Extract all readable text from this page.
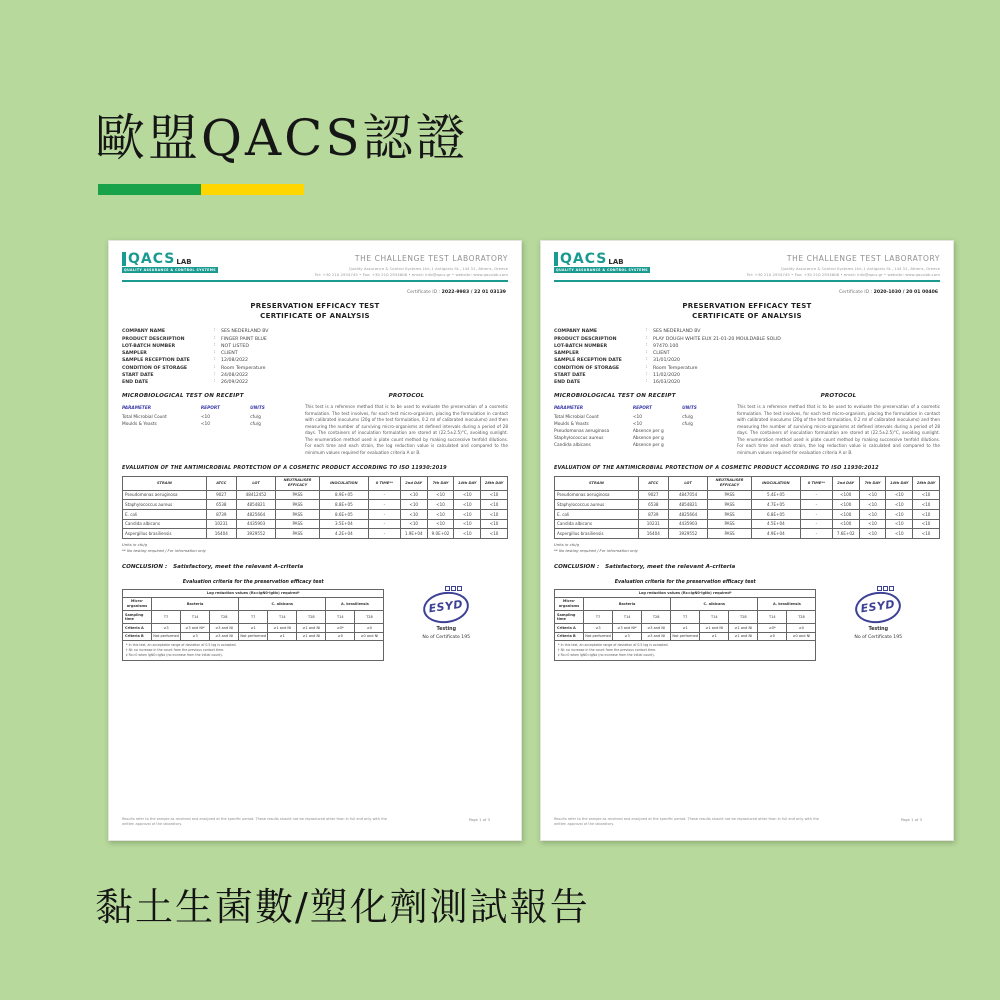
歐盟QACS認證
QACS LAB
QUALITY ASSURANCE & CONTROL SYSTEMS
THE CHALLENGE TEST LABORATORY
Quality Assurance & Control Systems Ltd.,1 Antigonis St., 144 51, Athens, Greece
Tel: +30 210 2934745 • Fax: +30 210 2934606 • email: info@qacs.gr • website: www.qacslab.com
Certificate ID : 2022-9983 / 22 01 03139
PRESERVATION EFFICACY TEST
CERTIFICATE OF ANALYSIS
COMPANY NAME	:	SES NEDERLAND BV
PRODUCT DESCRIPTION	:	FINGER PAINT BLUE
LOT-BATCH NUMBER	:	NOT LISTED
SAMPLER	:	CLIENT
SAMPLE RECEPTION DATE	:	12/08/2022
CONDITION OF STORAGE	:	Room Temperature
START DATE	:	24/08/2022
END DATE	:	26/09/2022
MICROBIOLOGICAL TEST ON RECEIPT
PARAMETER	REPORT	UNITS
Total Microbial Count	<10	cfu/g
Moulds & Yeasts	<10	cfu/g
PROTOCOL
This test is a reference method that is to be used to evaluate the preservation of a cosmetic formulation. The test involves, for each test micro-organism, placing the formulation in contact with calibrated inoculums (20g of the test formulation, 0.2 ml of calibrated inoculums) and then measuring the number of surviving micro-organisms at defined intervals during a period of 28 days. The containers of inoculation formulation are stored at (22.5±2.5)°C, avoiding sunlight. The enumeration method used is plate count method by making successive tenfold dilutions. For each time and each strain, the log reduction value is calculated and compared to the minimum values required for evaluation criteria A or B.
EVALUATION OF THE ANTIMICROBIAL PROTECTION OF A COSMETIC PRODUCT ACCORDING TO ISO 11930:2019
STRAIN	ATCC	LOT	NEUTRALISER EFFICACY	INOCULATION	0 TIME**	2nd DAY	7th DAY	14th DAY	28th DAY
Pseudomonas aeruginosa	9027	48412452	PASS	8.9E+05	-	<10	<10	<10	<10
Staphylococcus aureus	6538	4854821	PASS	8.8E+05	-	<10	<10	<10	<10
E. coli	8739	4825664	PASS	8.6E+05	-	<10	<10	<10	<10
Candida albicans	10231	4435903	PASS	3.5E+04	-	<10	<10	<10	<10
Aspergillus brasiliensis	16404	3929552	PASS	4.2E+04	-	1.9E+04	9.0E+02	<10	<10
Units in cfu/g
** No testing required / For information only
CONCLUSION : Satisfactory, meet the relevant A-criteria
Evaluation criteria for the preservation efficacy test
Log reduction values (Rx=lgN0-lgNx) required*								
Micro-organisms	Bacteria			C. albicans			A. brasiliensis	
Sampling time	T7	T14	T28	T7	T14	T28	T14	T28
Criteria A	≥3	≥3 and NI*	≥3 and NI	≥1	≥1 and NI	≥1 and NI	≥0*	≥0
Criteria B	Not performed	≥3	≥3 and NI	Not performed	≥1	≥1 and NI	≥0	≥0 and NI
* In this test, an acceptable range of deviation of 0.5 log is accepted.
† NI: no increase in the count from the previous contact time.
‡ Rx=0 when lgN0=lgNx (no increase from the initial count).
ESYD
Testing
No of Certificate 195
Results refer to the sample as received and analyzed at the specific period. These results should not be reproduced other than in full and only with the written approval of the laboratory.
Page 1 of 3
QACS LAB
QUALITY ASSURANCE & CONTROL SYSTEMS
THE CHALLENGE TEST LABORATORY
Quality Assurance & Control Systems Ltd.,1 Antigonis St., 144 51, Athens, Greece
Tel: +30 210 2934745 • Fax: +30 210 2934606 • email: info@qacs.gr • website: www.qacslab.com
Certificate ID : 2020-1030 / 20 01 00406
PRESERVATION EFFICACY TEST
CERTIFICATE OF ANALYSIS
COMPANY NAME	:	SES NEDERLAND BV
PRODUCT DESCRIPTION	:	PLAY DOUGH WHITE EUX 21-01-20 MOULDABLE SOLID
LOT-BATCH NUMBER	:	97470.100
SAMPLER	:	CLIENT
SAMPLE RECEPTION DATE	:	31/01/2020
CONDITION OF STORAGE	:	Room Temperature
START DATE	:	11/02/2020
END DATE	:	16/03/2020
MICROBIOLOGICAL TEST ON RECEIPT
PARAMETER	REPORT	UNITS
Total Microbial Count	<10	cfu/g
Moulds & Yeasts	<10	cfu/g
Pseudomonas aeruginosa	Absence per g	
Staphylococcus aureus	Absence per g	
Candida albicans	Absence per g	
PROTOCOL
This test is a reference method that is to be used to evaluate the preservation of a cosmetic formulation. The test involves, for each test micro-organism, placing the formulation in contact with calibrated inoculums (20g of the test formulation, 0.2 ml of calibrated inoculums) and then measuring the number of surviving micro-organisms at defined intervals during a period of 28 days. The containers of inoculation formulation are stored at (22.5±2.5)°C, avoiding sunlight. The enumeration method used is plate count method by making successive tenfold dilutions. For each time and each strain, the log reduction value is calculated and compared to the minimum values required for evaluation criteria A or B.
EVALUATION OF THE ANTIMICROBIAL PROTECTION OF A COSMETIC PRODUCT ACCORDING TO ISO 11930:2012
STRAIN	ATCC	LOT	NEUTRALISER EFFICACY	INOCULATION	0 TIME**	2nd DAY	7th DAY	14th DAY	28th DAY
Pseudomonas aeruginosa	9027	4847054	PASS	5.4E+05	-	<100	<10	<10	<10
Staphylococcus aureus	6538	4854821	PASS	4.7E+05	-	<100	<10	<10	<10
E. coli	8739	4825664	PASS	6.8E+05	-	<100	<10	<10	<10
Candida albicans	10231	4435903	PASS	4.5E+04	-	<100	<10	<10	<10
Aspergillus brasiliensis	16404	3929552	PASS	4.9E+04	-	7.6E+02	<10	<10	<10
Units in cfu/g
** No testing required / For information only
CONCLUSION : Satisfactory, meet the relevant A-criteria
Evaluation criteria for the preservation efficacy test
Log reduction values (Rx=lgN0-lgNx) required*								
Micro-organisms	Bacteria			C. albicans			A. brasiliensis	
Sampling time	T7	T14	T28	T7	T14	T28	T14	T28
Criteria A	≥3	≥3 and NI*	≥3 and NI	≥1	≥1 and NI	≥1 and NI	≥0*	≥0
Criteria B	Not performed	≥3	≥3 and NI	Not performed	≥1	≥1 and NI	≥0	≥0 and NI
* In this test, an acceptable range of deviation of 0.5 log is accepted.
† NI: no increase in the count from the previous contact time.
‡ Rx=0 when lgN0=lgNx (no increase from the initial count).
ESYD
Testing
No of Certificate 195
Results refer to the sample as received and analyzed at the specific period. These results should not be reproduced other than in full and only with the written approval of the laboratory.
Page 1 of 3
黏土生菌數/塑化劑測試報告
